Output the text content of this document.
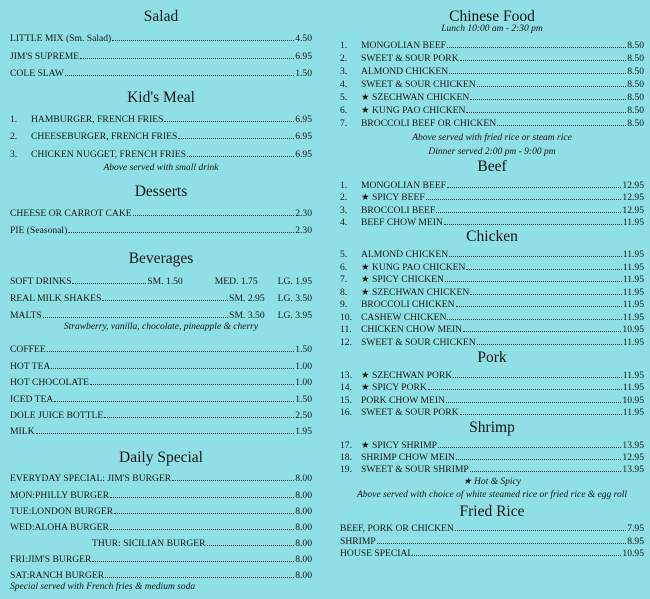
Salad
LITTLE MIX (Sm. Salad)	4.50
JIM'S SUPREME	6.95
COLE SLAW	1.50
Kid's Meal
1.	HAMBURGER, FRENCH FRIES	6.95
2.	CHEESEBURGER, FRENCH FRIES	6.95
3.	CHICKEN NUGGET, FRENCH FRIES	6.95
Above served with small drink
Desserts
CHEESE OR CARROT CAKE	2.30
PIE (Seasonal)	2.30
Beverages
SOFT DRINKS	SM. 1.50	MED. 1.75 LG. 1.95
REAL MILK SHAKES	SM. 2.95 LG. 3.50
MALTS	SM. 3.50 LG. 3.95
Strawberry, vanilla, chocolate, pineapple & cherry
COFFEE	1.50
HOT TEA	1.00
HOT CHOCOLATE	1.00
ICED TEA	1.50
DOLE JUICE BOTTLE	2.50
MILK	1.95
Daily Special
EVERYDAY SPECIAL: JIM'S BURGER	8.00
MON:PHILLY BURGER	8.00
TUE:LONDON BURGER	8.00
WED:ALOHA BURGER	8.00
THUR: SICILIAN BURGER	8.00
FRI:JIM'S BURGER	8.00
SAT:RANCH BURGER	8.00
Special served with French fries & medium soda
Chinese Food
Lunch 10:00 am - 2:30 pm
1.	MONGOLIAN BEEF	8.50
2.	SWEET & SOUR PORK	8.50
3.	ALMOND CHICKEN	8.50
4.	SWEET & SOUR CHICKEN	8.50
5.	★ SZECHWAN CHICKEN	8.50
6.	★ KUNG PAO CHICKEN	8.50
7.	BROCCOLI BEEF OR CHICKEN	8.50
Above served with fried rice or steam rice
Dinner served 2:00 pm - 9:00 pm
Beef
1.	MONGOLIAN BEEF	12.95
2.	★ SPICY BEEF	12.95
3.	BROCCOLI BEEF	12.95
4.	BEEF CHOW MEIN	11.95
Chicken
5.	ALMOND CHICKEN	11.95
6.	★ KUNG PAO CHICKEN	11.95
7.	★ SPICY CHICKEN	11.95
8.	★ SZECHWAN CHICKEN	11.95
9.	BROCCOLI CHICKEN	11.95
10. CASHEW CHICKEN	11.95
11. CHICKEN CHOW MEIN	10.95
12. SWEET & SOUR CHICKEN	11.95
Pork
13. ★ SZECHWAN PORK	11.95
14. ★ SPICY PORK	11.95
15. PORK CHOW MEIN	10.95
16. SWEET & SOUR PORK	11.95
Shrimp
17. ★ SPICY SHRIMP	13.95
18. SHRIMP CHOW MEIN	12.95
19. SWEET & SOUR SHRIMP	13.95
★ Hot & Spicy
Above served with choice of white steamed rice or fried rice & egg roll
Fried Rice
BEEF, PORK OR CHICKEN	7.95
SHRIMP	8.95
HOUSE SPECIAL	10.95
